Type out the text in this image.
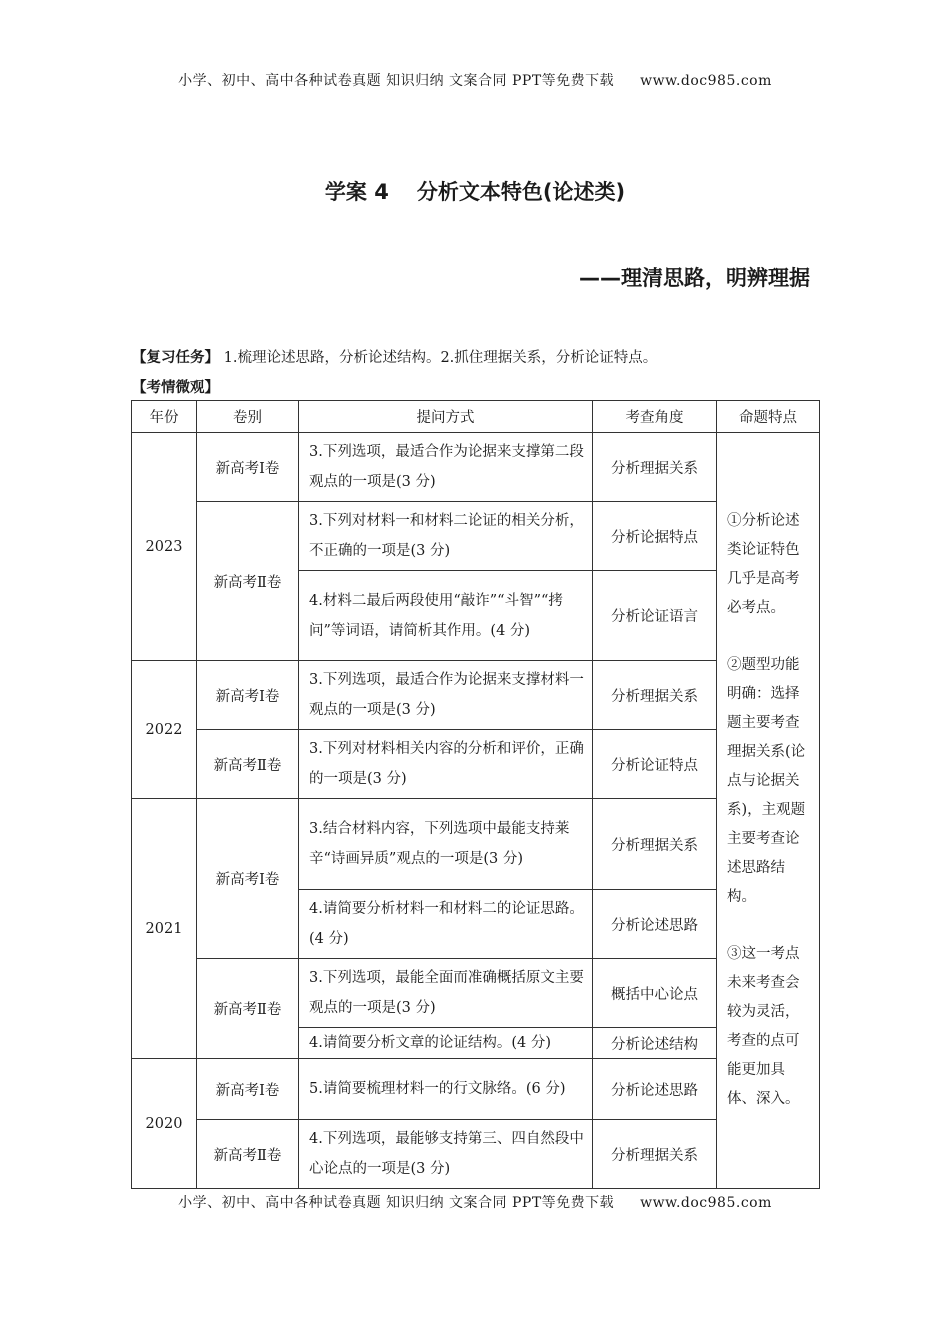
小学、初中、高中各种试卷真题 知识归纳 文案合同 PPT等免费下载 www.doc985.com
学案 4 分析文本特色(论述类)
——理清思路，明辨理据
【复习任务】 1.梳理论述思路，分析论述结构。2.抓住理据关系，分析论证特点。
【考情微观】
年份	卷别	提问方式	考查角度	命题特点
2023	新高考Ⅰ卷	3.下列选项，最适合作为论据来支撑第二段观点的一项是(3 分)	分析理据关系	①分析论述类论证特色几乎是高考必考点。

②题型功能明确：选择题主要考查理据关系(论点与论据关系)，主观题主要考查论述思路结构。

③这一考点未来考查会较为灵活，考查的点可能更加具体、深入。

	新高考Ⅱ卷	3.下列对材料一和材料二论证的相关分析，不正确的一项是(3 分)	分析论据特点	
		4.材料二最后两段使用“敲诈”“斗智”“拷问”等词语，请简析其作用。(4 分)	分析论证语言	
2022	新高考Ⅰ卷	3.下列选项，最适合作为论据来支撑材料一观点的一项是(3 分)	分析理据关系	
	新高考Ⅱ卷	3.下列对材料相关内容的分析和评价，正确的一项是(3 分)	分析论证特点	
2021	新高考Ⅰ卷	3.结合材料内容，下列选项中最能支持莱辛“诗画异质”观点的一项是(3 分)	分析理据关系	
		4.请简要分析材料一和材料二的论证思路。(4 分)	分析论述思路	
	新高考Ⅱ卷	3.下列选项，最能全面而准确概括原文主要观点的一项是(3 分)	概括中心论点	
		4.请简要分析文章的论证结构。(4 分)	分析论述结构	
2020	新高考Ⅰ卷	5.请简要梳理材料一的行文脉络。(6 分)	分析论述思路	
	新高考Ⅱ卷	4.下列选项，最能够支持第三、四自然段中心论点的一项是(3 分)	分析理据关系	
小学、初中、高中各种试卷真题 知识归纳 文案合同 PPT等免费下载 www.doc985.com
